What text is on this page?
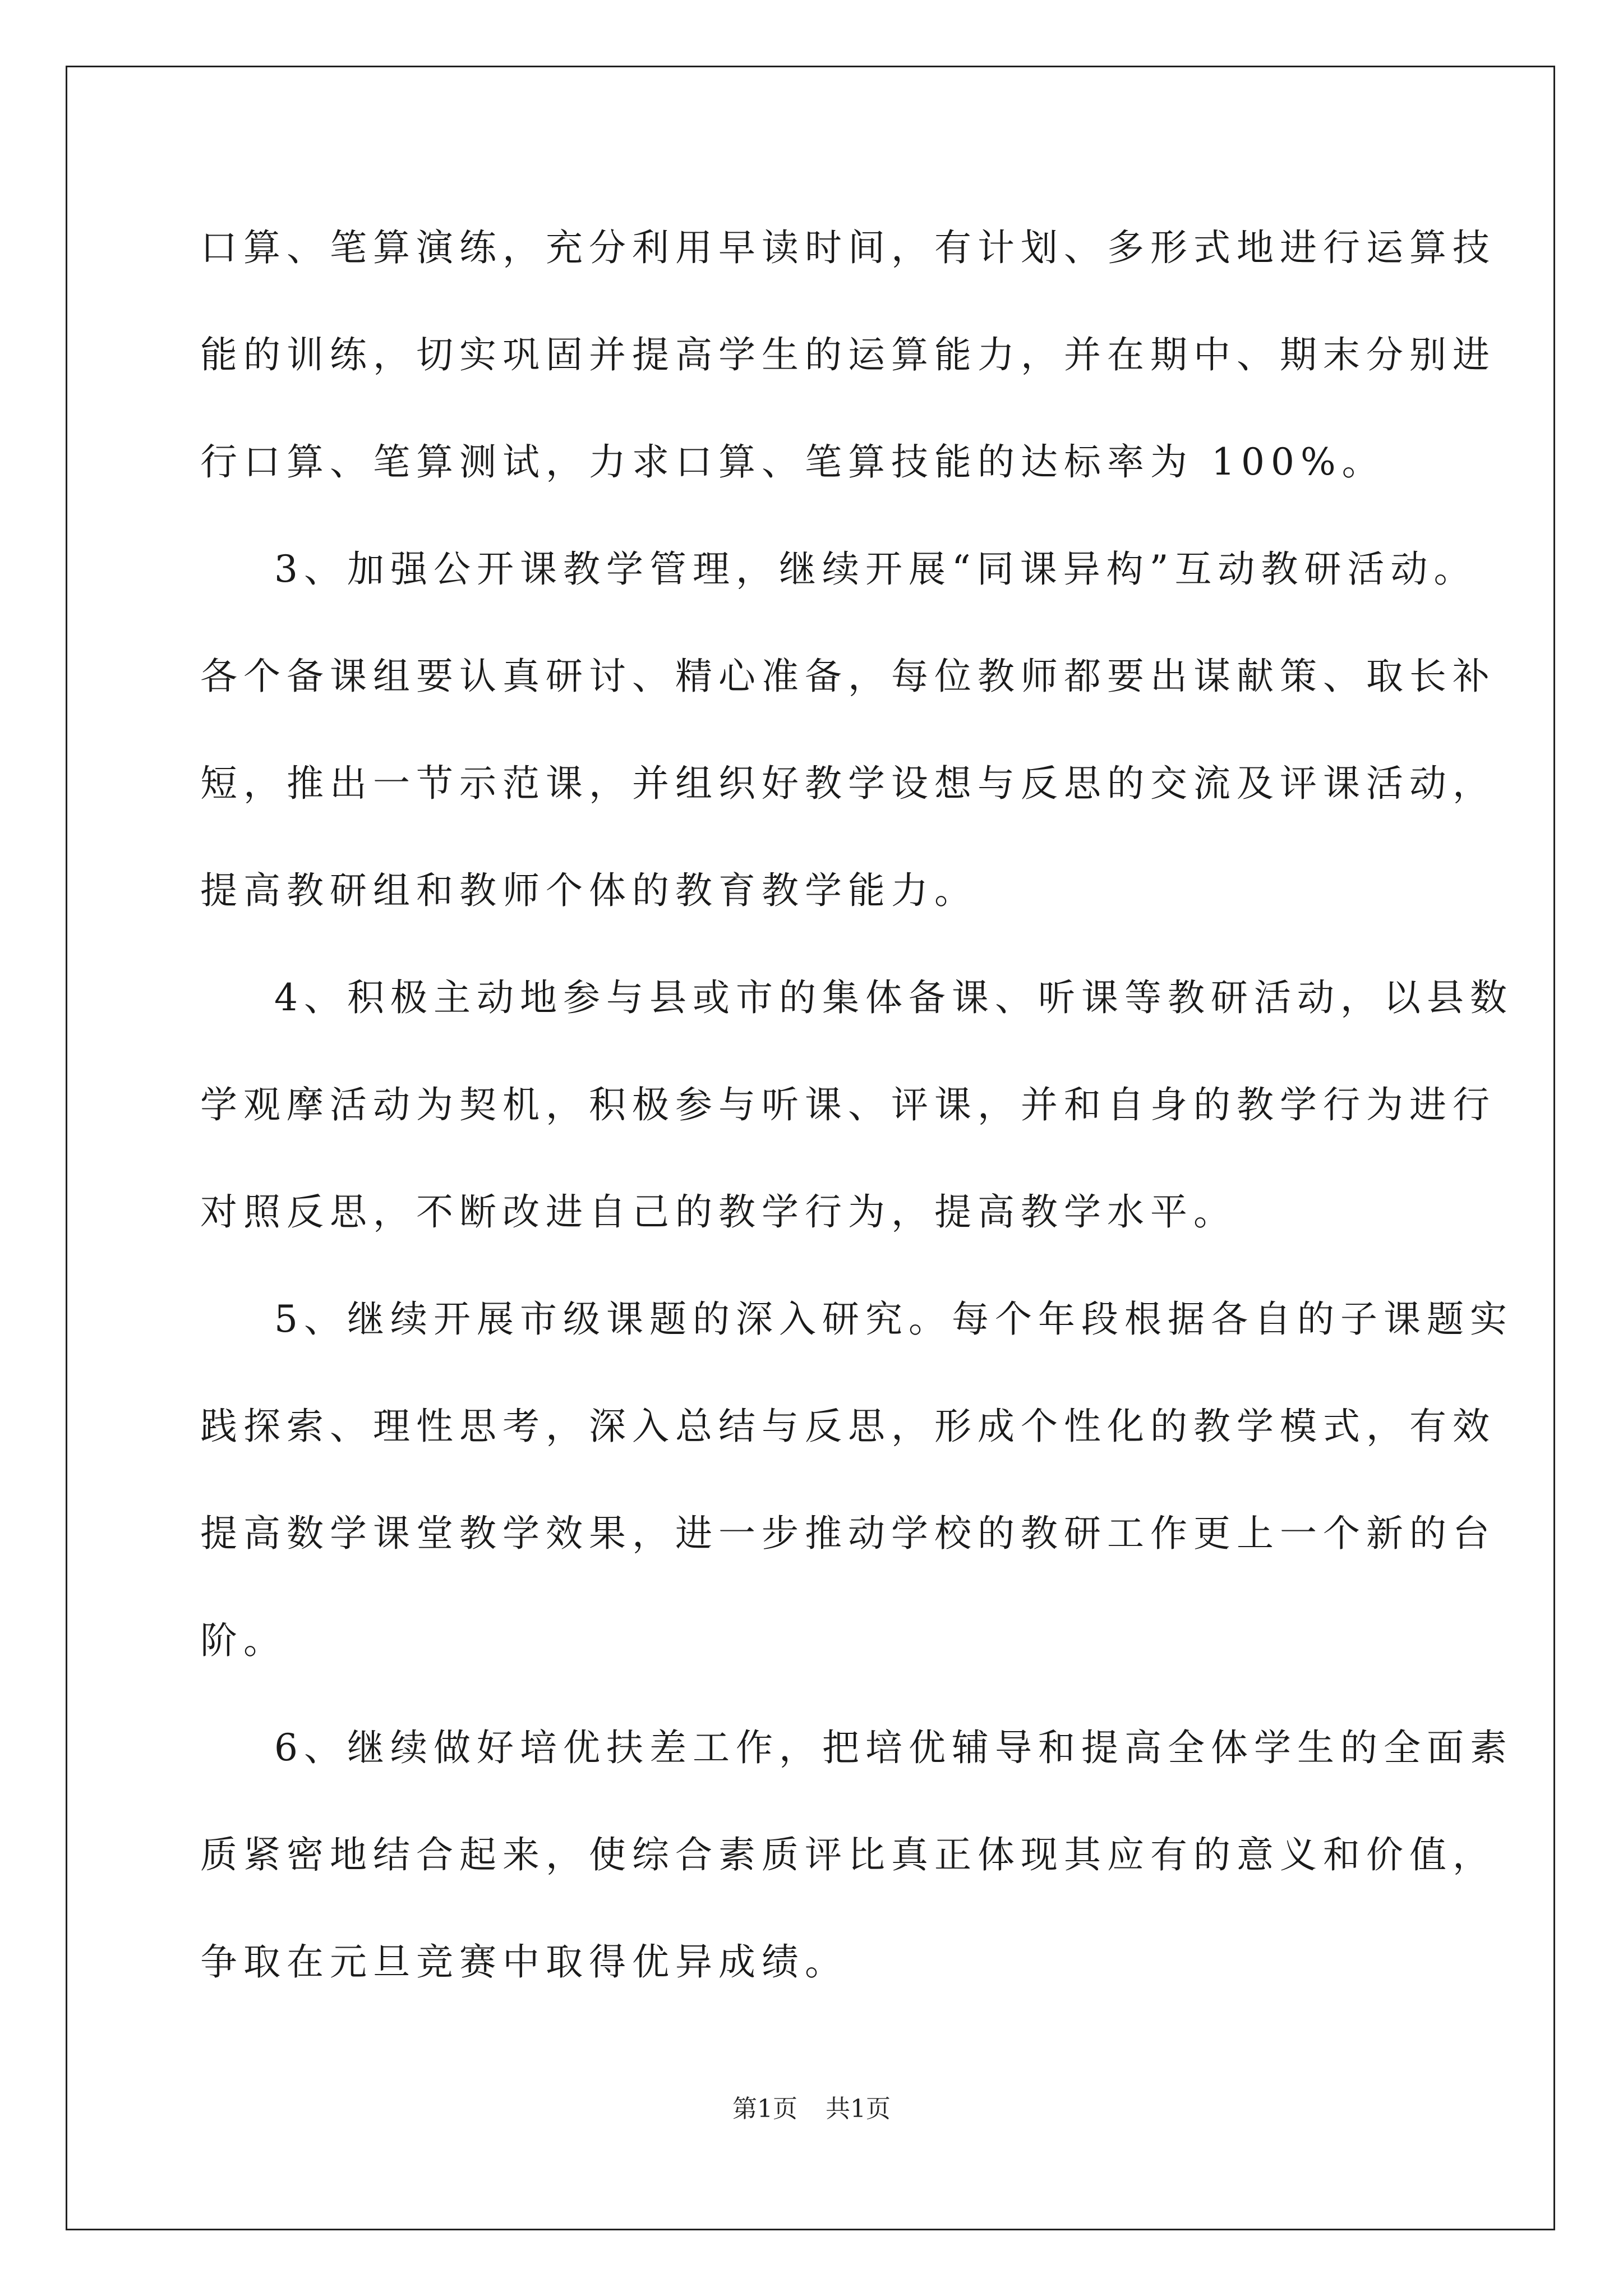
口算、笔算演练，充分利用早读时间，有计划、多形式地进行运算技
能的训练，切实巩固并提高学生的运算能力，并在期中、期末分别进
行口算、笔算测试，力求口算、笔算技能的达标率为 100%。
3、加强公开课教学管理，继续开展“同课异构”互动教研活动。
各个备课组要认真研讨、精心准备，每位教师都要出谋献策、取长补
短，推出一节示范课，并组织好教学设想与反思的交流及评课活动，
提高教研组和教师个体的教育教学能力。
4、积极主动地参与县或市的集体备课、听课等教研活动，以县数
学观摩活动为契机，积极参与听课、评课，并和自身的教学行为进行
对照反思，不断改进自己的教学行为，提高教学水平。
5、继续开展市级课题的深入研究。每个年段根据各自的子课题实
践探索、理性思考，深入总结与反思，形成个性化的教学模式，有效
提高数学课堂教学效果，进一步推动学校的教研工作更上一个新的台
阶。
6、继续做好培优扶差工作，把培优辅导和提高全体学生的全面素
质紧密地结合起来，使综合素质评比真正体现其应有的意义和价值，
争取在元旦竞赛中取得优异成绩。
第1页 共1页
